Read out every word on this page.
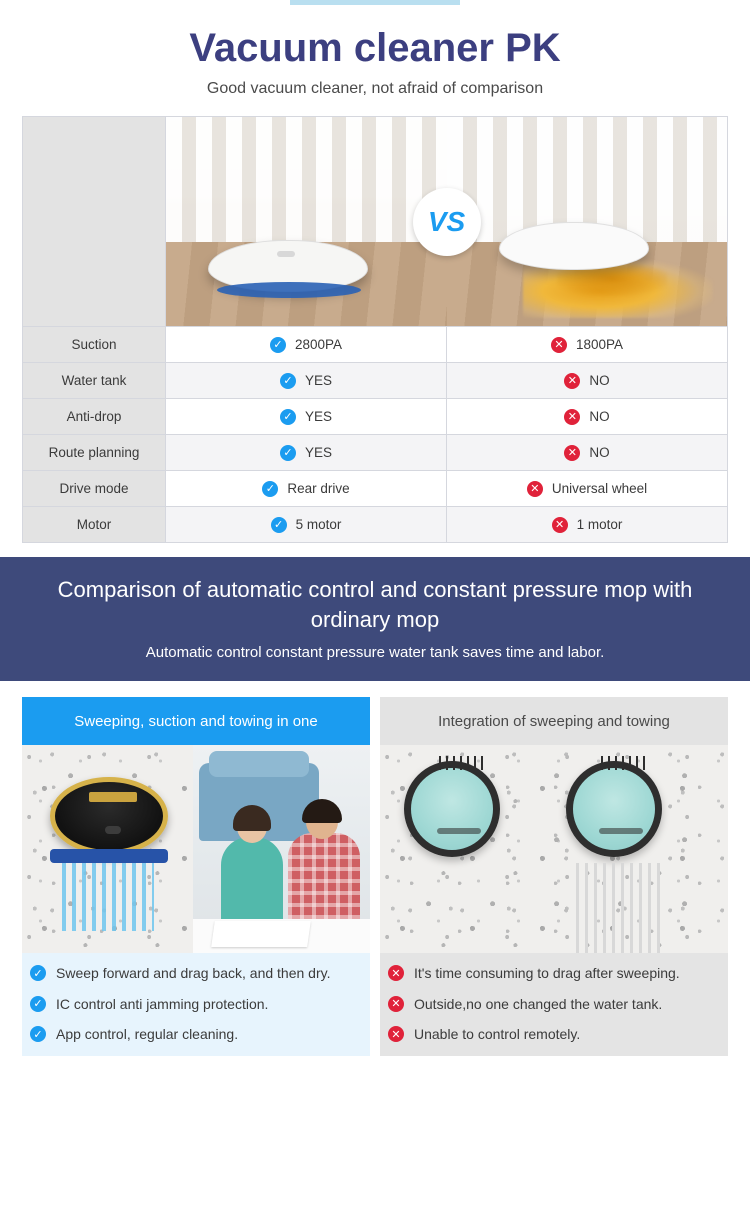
Vacuum cleaner PK
Good vacuum cleaner, not afraid of comparison
VS
Suction	✓ 2800PA	✕ 1800PA
Water tank	✓ YES	✕ NO
Anti-drop	✓ YES	✕ NO
Route planning	✓ YES	✕ NO
Drive mode	✓ Rear drive	✕ Universal wheel
Motor	✓ 5 motor	✕ 1 motor
Comparison of automatic control and constant pressure mop with ordinary mop

Automatic control constant pressure water tank saves time and labor.

Sweeping, suction and towing in one
✓ Sweep forward and drag back, and then dry.
✓ IC control anti jamming protection.
✓ App control, regular cleaning.
Integration of sweeping and towing
✕ It's time consuming to drag after sweeping.
✕ Outside,no one changed the water tank.
✕ Unable to control remotely.
